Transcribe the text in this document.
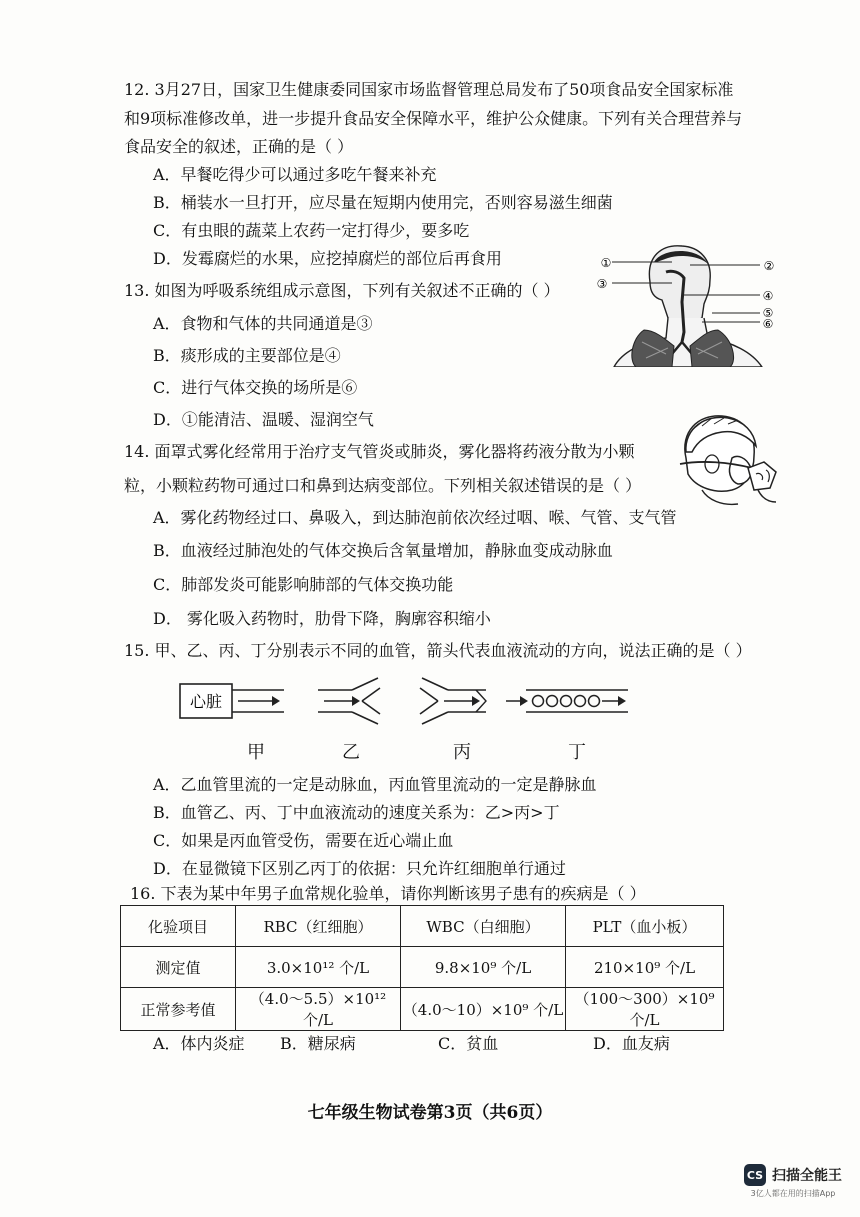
12. 3月27日，国家卫生健康委同国家市场监督管理总局发布了50项食品安全国家标准
和9项标准修改单，进一步提升食品安全保障水平，维护公众健康。下列有关合理营养与
食品安全的叙述，正确的是（ ）
A．早餐吃得少可以通过多吃午餐来补充
B．桶装水一旦打开，应尽量在短期内使用完，否则容易滋生细菌
C．有虫眼的蔬菜上农药一定打得少，要多吃
D．发霉腐烂的水果，应挖掉腐烂的部位后再食用
13. 如图为呼吸系统组成示意图，下列有关叙述不正确的（ ）
A．食物和气体的共同通道是③
B．痰形成的主要部位是④
C．进行气体交换的场所是⑥
D．①能清洁、温暖、湿润空气
①	②
③
④
⑤
⑥
14. 面罩式雾化经常用于治疗支气管炎或肺炎，雾化器将药液分散为小颗
粒，小颗粒药物可通过口和鼻到达病变部位。下列相关叙述错误的是（ ）
A．雾化药物经过口、鼻吸入，到达肺泡前依次经过咽、喉、气管、支气管
B．血液经过肺泡处的气体交换后含氧量增加，静脉血变成动脉血
C．肺部发炎可能影响肺部的气体交换功能
D． 雾化吸入药物时，肋骨下降，胸廓容积缩小
15. 甲、乙、丙、丁分别表示不同的血管，箭头代表血液流动的方向，说法正确的是（ ）
心脏
甲	乙	丙	丁
A．乙血管里流的一定是动脉血，丙血管里流动的一定是静脉血
B．血管乙、丙、丁中血液流动的速度关系为：乙>丙>丁
C．如果是丙血管受伤，需要在近心端止血
D．在显微镜下区别乙丙丁的依据：只允许红细胞单行通过
16. 下表为某中年男子血常规化验单，请你判断该男子患有的疾病是（ ）
化验项目	RBC（红细胞）	WBC（白细胞）	PLT（血小板）
测定值	3.0×10¹² 个/L	9.8×10⁹ 个/L	210×10⁹ 个/L
正常参考值	（4.0～5.5）×10¹² 个/L	（4.0～10）×10⁹ 个/L	（100～300）×10⁹ 个/L
A．体内炎症 B．糖尿病	C．贫血	D．血友病
七年级生物试卷第3页（共6页）
CS 扫描全能王
3亿人都在用的扫描App
